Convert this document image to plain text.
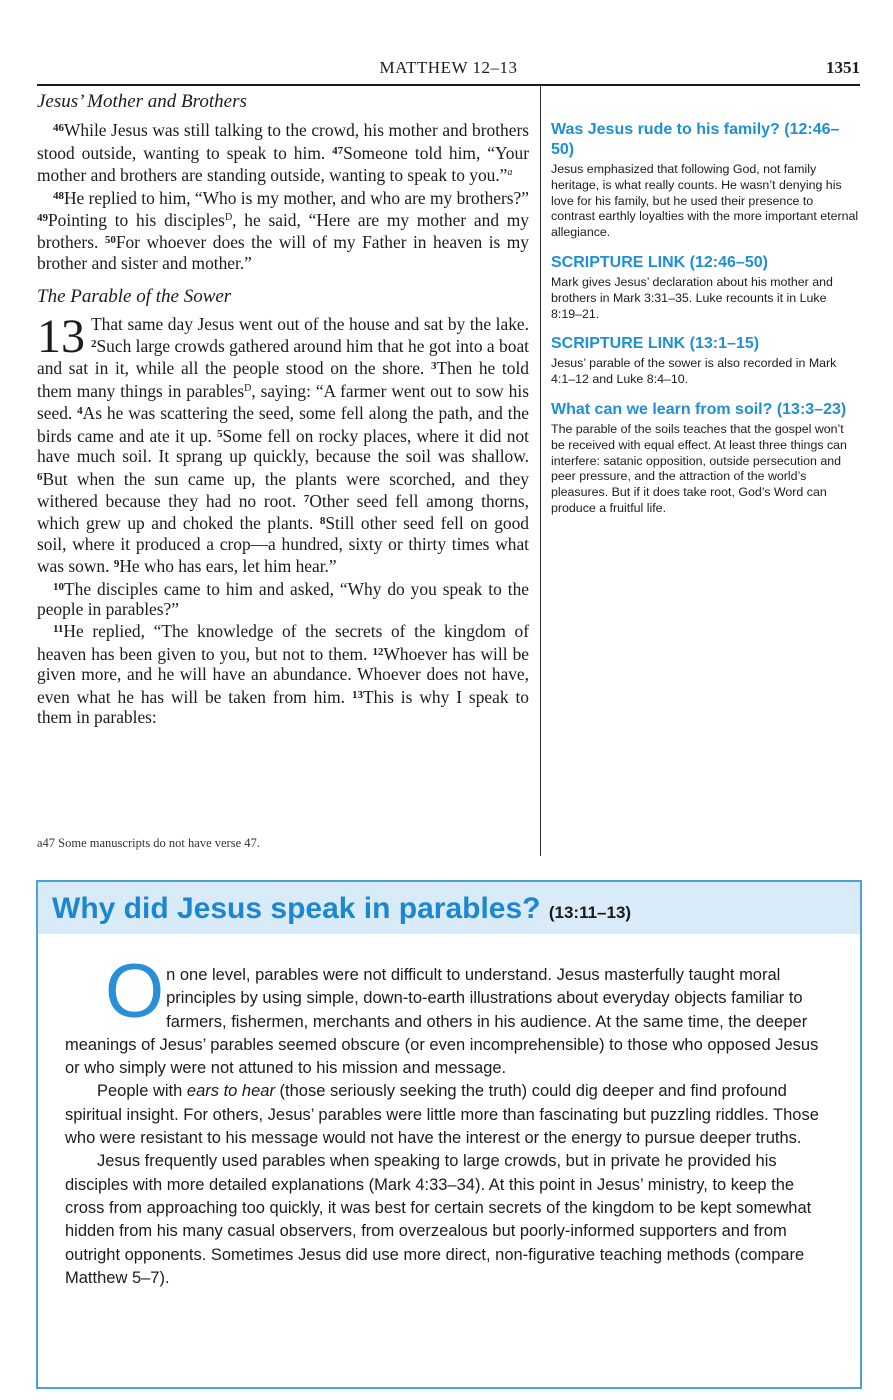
MATTHEW 12–13	1351
Jesus’ Mother and Brothers

$^{46}$While Jesus was still talking to the crowd, his mother and brothers stood outside, wanting to speak to him. $^{47}$Someone told him, “Your mother and brothers are standing outside, wanting to speak to you.”$^a$

$^{48}$He replied to him, “Who is my mother, and who are my brothers?” $^{49}$Pointing to his disciples$^D$, he said, “Here are my mother and my brothers. $^{50}$For whoever does the will of my Father in heaven is my brother and sister and mother.”

The Parable of the Sower

13 That same day Jesus went out of the house and sat by the lake. $^2$Such large crowds gathered around him that he got into a boat and sat in it, while all the people stood on the shore. $^3$Then he told them many things in parables$^D$, saying: “A farmer went out to sow his seed. $^4$As he was scattering the seed, some fell along the path, and the birds came and ate it up. $^5$Some fell on rocky places, where it did not have much soil. It sprang up quickly, because the soil was shallow. $^6$But when the sun came up, the plants were scorched, and they withered because they had no root. $^7$Other seed fell among thorns, which grew up and choked the plants. $^8$Still other seed fell on good soil, where it produced a crop—a hundred, sixty or thirty times what was sown. $^9$He who has ears, let him hear.”

$^{10}$The disciples came to him and asked, “Why do you speak to the people in parables?”

$^{11}$He replied, “The knowledge of the secrets of the kingdom of heaven has been given to you, but not to them. $^{12}$Whoever has will be given more, and he will have an abundance. Whoever does not have, even what he has will be taken from him. $^{13}$This is why I speak to them in parables:

a47 Some manuscripts do not have verse 47.

Was Jesus rude to his family? (12:46–50)

Jesus emphasized that following God, not family heritage, is what really counts. He wasn’t denying his love for his family, but he used their presence to contrast earthly loyalties with the more important eternal allegiance.

SCRIPTURE LINK (12:46–50)

Mark gives Jesus’ declaration about his mother and brothers in Mark 3:31–35. Luke recounts it in Luke 8:19–21.

SCRIPTURE LINK (13:1–15)

Jesus’ parable of the sower is also recorded in Mark 4:1–12 and Luke 8:4–10.

What can we learn from soil? (13:3–23)

The parable of the soils teaches that the gospel won’t be received with equal effect. At least three things can interfere: satanic opposition, outside persecution and peer pressure, and the attraction of the world’s pleasures. But if it does take root, God’s Word can produce a fruitful life.

Why did Jesus speak in parables? (13:11–13)

On one level, parables were not difficult to understand. Jesus masterfully taught moral principles by using simple, down-to-earth illustrations about everyday objects familiar to farmers, fishermen, merchants and others in his audience. At the same time, the deeper meanings of Jesus’ parables seemed obscure (or even incomprehensible) to those who opposed Jesus or who simply were not attuned to his mission and message.

People with ears to hear (those seriously seeking the truth) could dig deeper and find profound spiritual insight. For others, Jesus’ parables were little more than fascinating but puzzling riddles. Those who were resistant to his message would not have the interest or the energy to pursue deeper truths.

Jesus frequently used parables when speaking to large crowds, but in private he provided his disciples with more detailed explanations (Mark 4:33–34). At this point in Jesus’ ministry, to keep the cross from approaching too quickly, it was best for certain secrets of the kingdom to be kept somewhat hidden from his many casual observers, from overzealous but poorly-informed supporters and from outright opponents. Sometimes Jesus did use more direct, non-figurative teaching methods (compare Matthew 5–7).
